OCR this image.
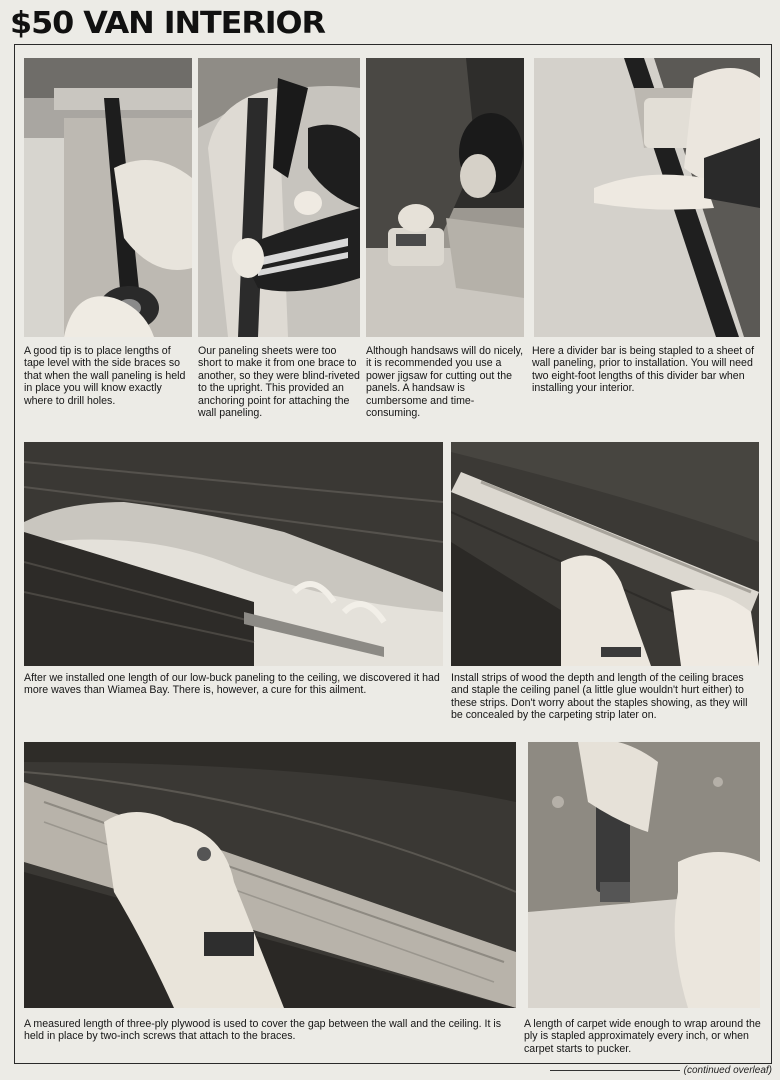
$50 VAN INTERIOR

A good tip is to place lengths of tape level with the side braces so that when the wall paneling is held in place you will know exactly where to drill holes.

Our paneling sheets were too short to make it from one brace to another, so they were blind-riveted to the upright. This provided an anchoring point for attaching the wall paneling.

Although handsaws will do nicely, it is recommended you use a power jigsaw for cutting out the panels. A handsaw is cumbersome and time-consuming.

Here a divider bar is being stapled to a sheet of wall paneling, prior to installation. You will need two eight-foot lengths of this divider bar when installing your interior.

After we installed one length of our low-buck paneling to the ceiling, we discovered it had more waves than Wiamea Bay. There is, however, a cure for this ailment.

Install strips of wood the depth and length of the ceiling braces and staple the ceiling panel (a little glue wouldn't hurt either) to these strips. Don't worry about the staples showing, as they will be concealed by the carpeting strip later on.

A measured length of three-ply plywood is used to cover the gap between the wall and the ceiling. It is held in place by two-inch screws that attach to the braces.

A length of carpet wide enough to wrap around the ply is stapled approximately every inch, or when carpet starts to pucker.

(continued overleaf)
